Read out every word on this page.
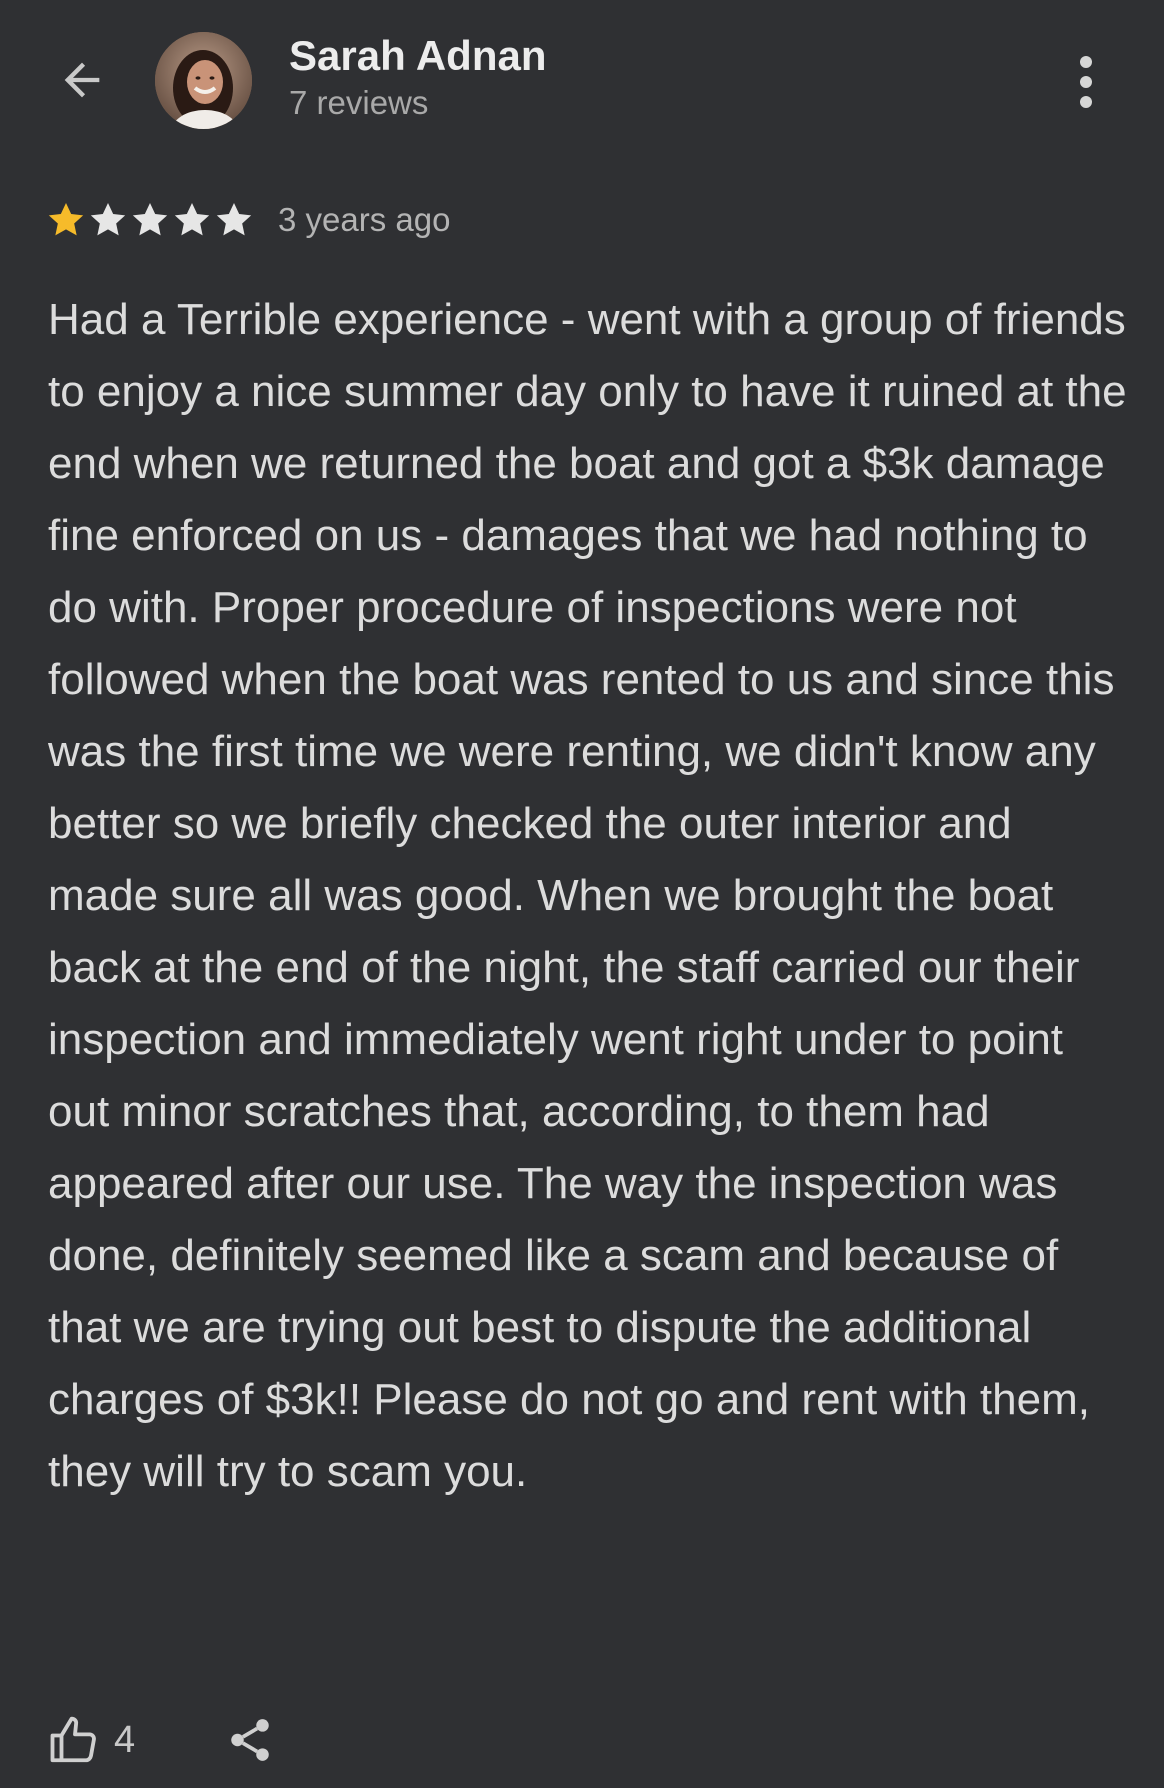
Sarah Adnan
7 reviews
3 years ago

Had a Terrible experience - went with a group of friends to enjoy a nice summer day only to have it ruined at the end when we returned the boat and got a $3k damage fine enforced on us - damages that we had nothing to do with. Proper procedure of inspections were not followed when the boat was rented to us and since this was the first time we were renting, we didn't know any better so we briefly checked the outer interior and made sure all was good. When we brought the boat back at the end of the night, the staff carried our their inspection and immediately went right under to point out minor scratches that, according, to them had appeared after our use. The way the inspection was done, definitely seemed like a scam and because of that we are trying out best to dispute the additional charges of $3k!! Please do not go and rent with them, they will try to scam you.

4
